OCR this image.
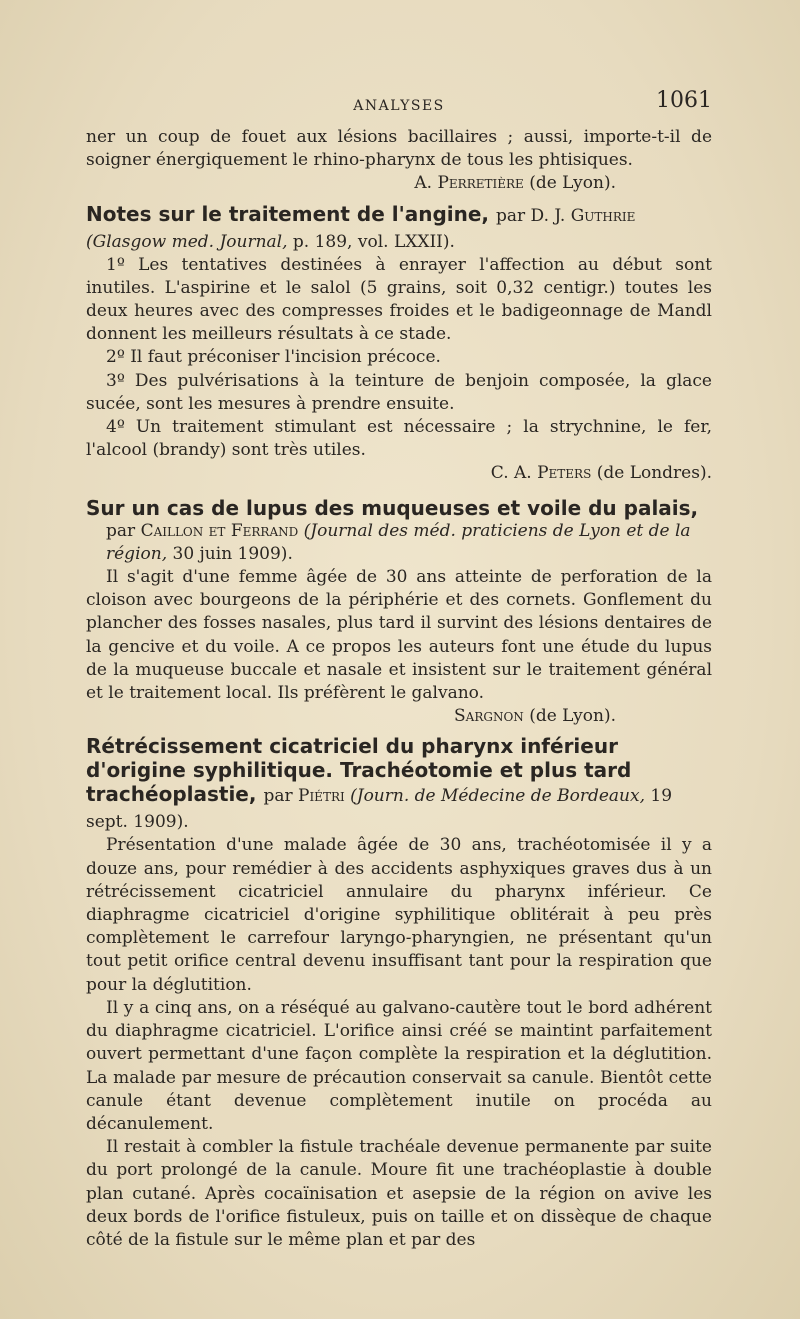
ANALYSES	1061

ner un coup de fouet aux lésions bacillaires ; aussi, importe-t-il de soigner énergiquement le rhino-pharynx de tous les phtisiques.

A. Perretière (de Lyon).

Notes sur le traitement de l'angine, par D. J. Guthrie (Glasgow med. Journal, p. 189, vol. LXXII).

1º Les tentatives destinées à enrayer l'affection au début sont inutiles. L'aspirine et le salol (5 grains, soit 0,32 centigr.) toutes les deux heures avec des compresses froides et le badigeonnage de Mandl donnent les meilleurs résultats à ce stade.

2º Il faut préconiser l'incision précoce.

3º Des pulvérisations à la teinture de benjoin composée, la glace sucée, sont les mesures à prendre ensuite.

4º Un traitement stimulant est nécessaire ; la strychnine, le fer, l'alcool (brandy) sont très utiles.

C. A. Peters (de Londres).

Sur un cas de lupus des muqueuses et voile du palais,
par Caillon et Ferrand (Journal des méd. praticiens de Lyon et de la région, 30 juin 1909).

Il s'agit d'une femme âgée de 30 ans atteinte de perforation de la cloison avec bourgeons de la périphérie et des cornets. Gonflement du plancher des fosses nasales, plus tard il survint des lésions dentaires de la gencive et du voile. A ce propos les auteurs font une étude du lupus de la muqueuse buccale et nasale et insistent sur le traitement général et le traitement local. Ils préfèrent le galvano.

Sargnon (de Lyon).

Rétrécissement cicatriciel du pharynx inférieur d'origine syphilitique. Trachéotomie et plus tard trachéoplastie, par Piétri (Journ. de Médecine de Bordeaux, 19 sept. 1909).

Présentation d'une malade âgée de 30 ans, trachéotomisée il y a douze ans, pour remédier à des accidents asphyxiques graves dus à un rétrécissement cicatriciel annulaire du pharynx inférieur. Ce diaphragme cicatriciel d'origine syphilitique oblitérait à peu près complètement le carrefour laryngo-pharyngien, ne présentant qu'un tout petit orifice central devenu insuffisant tant pour la respiration que pour la déglutition.

Il y a cinq ans, on a réséqué au galvano-cautère tout le bord adhérent du diaphragme cicatriciel. L'orifice ainsi créé se maintint parfaitement ouvert permettant d'une façon complète la respiration et la déglutition. La malade par mesure de précaution conservait sa canule. Bientôt cette canule étant devenue complètement inutile on procéda au décanulement.

Il restait à combler la fistule trachéale devenue permanente par suite du port prolongé de la canule. Moure fit une trachéoplastie à double plan cutané. Après cocaïnisation et asepsie de la région on avive les deux bords de l'orifice fistuleux, puis on taille et on dissèque de chaque côté de la fistule sur le même plan et par des
